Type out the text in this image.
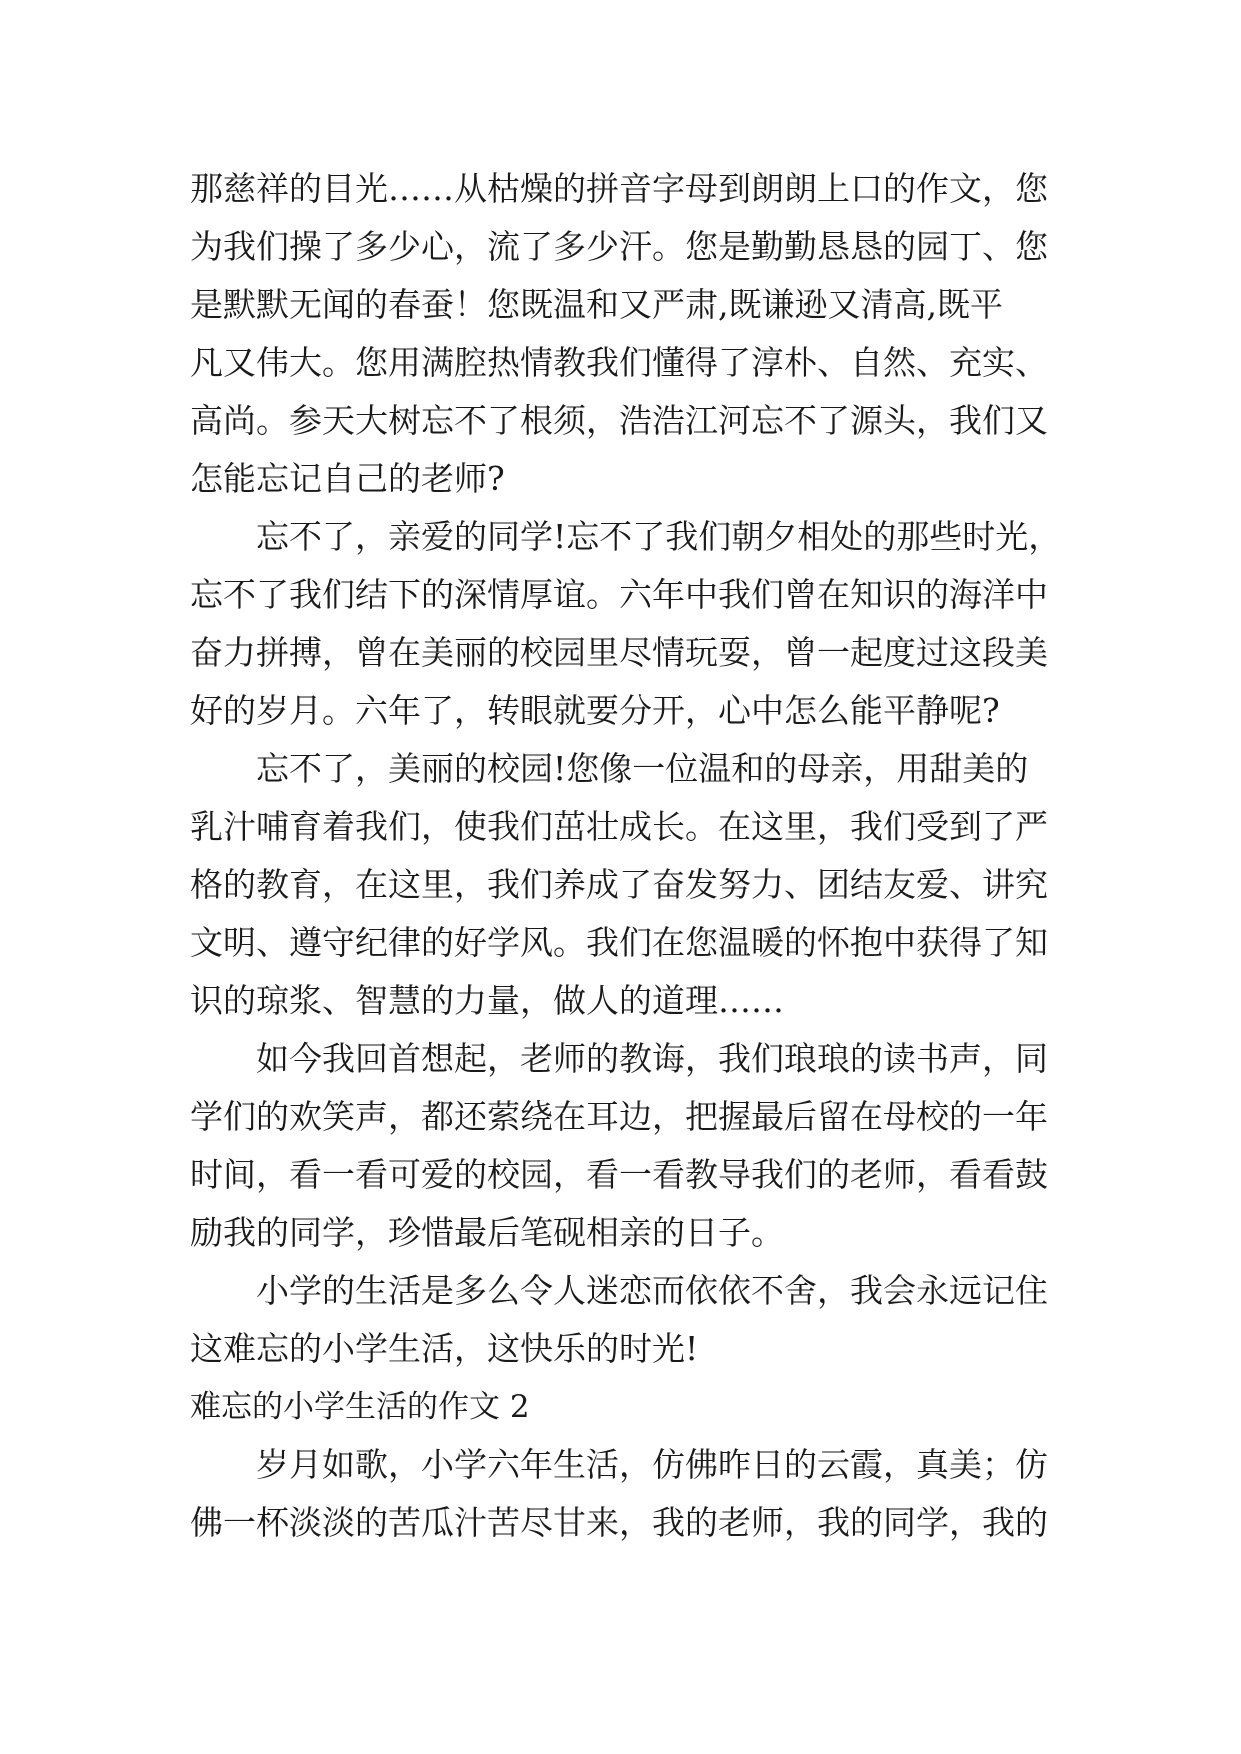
那慈祥的目光……从枯燥的拼音字母到朗朗上口的作文，您
为我们操了多少心，流了多少汗。您是勤勤恳恳的园丁、您
是默默无闻的春蚕！您既温和又严肃,既谦逊又清高,既平
凡又伟大。您用满腔热情教我们懂得了淳朴、自然、充实、
高尚。参天大树忘不了根须，浩浩江河忘不了源头，我们又
怎能忘记自己的老师?
忘不了，亲爱的同学!忘不了我们朝夕相处的那些时光，
忘不了我们结下的深情厚谊。六年中我们曾在知识的海洋中
奋力拼搏，曾在美丽的校园里尽情玩耍，曾一起度过这段美
好的岁月。六年了，转眼就要分开，心中怎么能平静呢?
忘不了，美丽的校园!您像一位温和的母亲，用甜美的
乳汁哺育着我们，使我们茁壮成长。在这里，我们受到了严
格的教育，在这里，我们养成了奋发努力、团结友爱、讲究
文明、遵守纪律的好学风。我们在您温暖的怀抱中获得了知
识的琼浆、智慧的力量，做人的道理……
如今我回首想起，老师的教诲，我们琅琅的读书声，同
学们的欢笑声，都还萦绕在耳边，把握最后留在母校的一年
时间，看一看可爱的校园，看一看教导我们的老师，看看鼓
励我的同学，珍惜最后笔砚相亲的日子。
小学的生活是多么令人迷恋而依依不舍，我会永远记住
这难忘的小学生活，这快乐的时光!
难忘的小学生活的作文 2
岁月如歌，小学六年生活，仿佛昨日的云霞，真美；仿
佛一杯淡淡的苦瓜汁苦尽甘来，我的老师，我的同学，我的
